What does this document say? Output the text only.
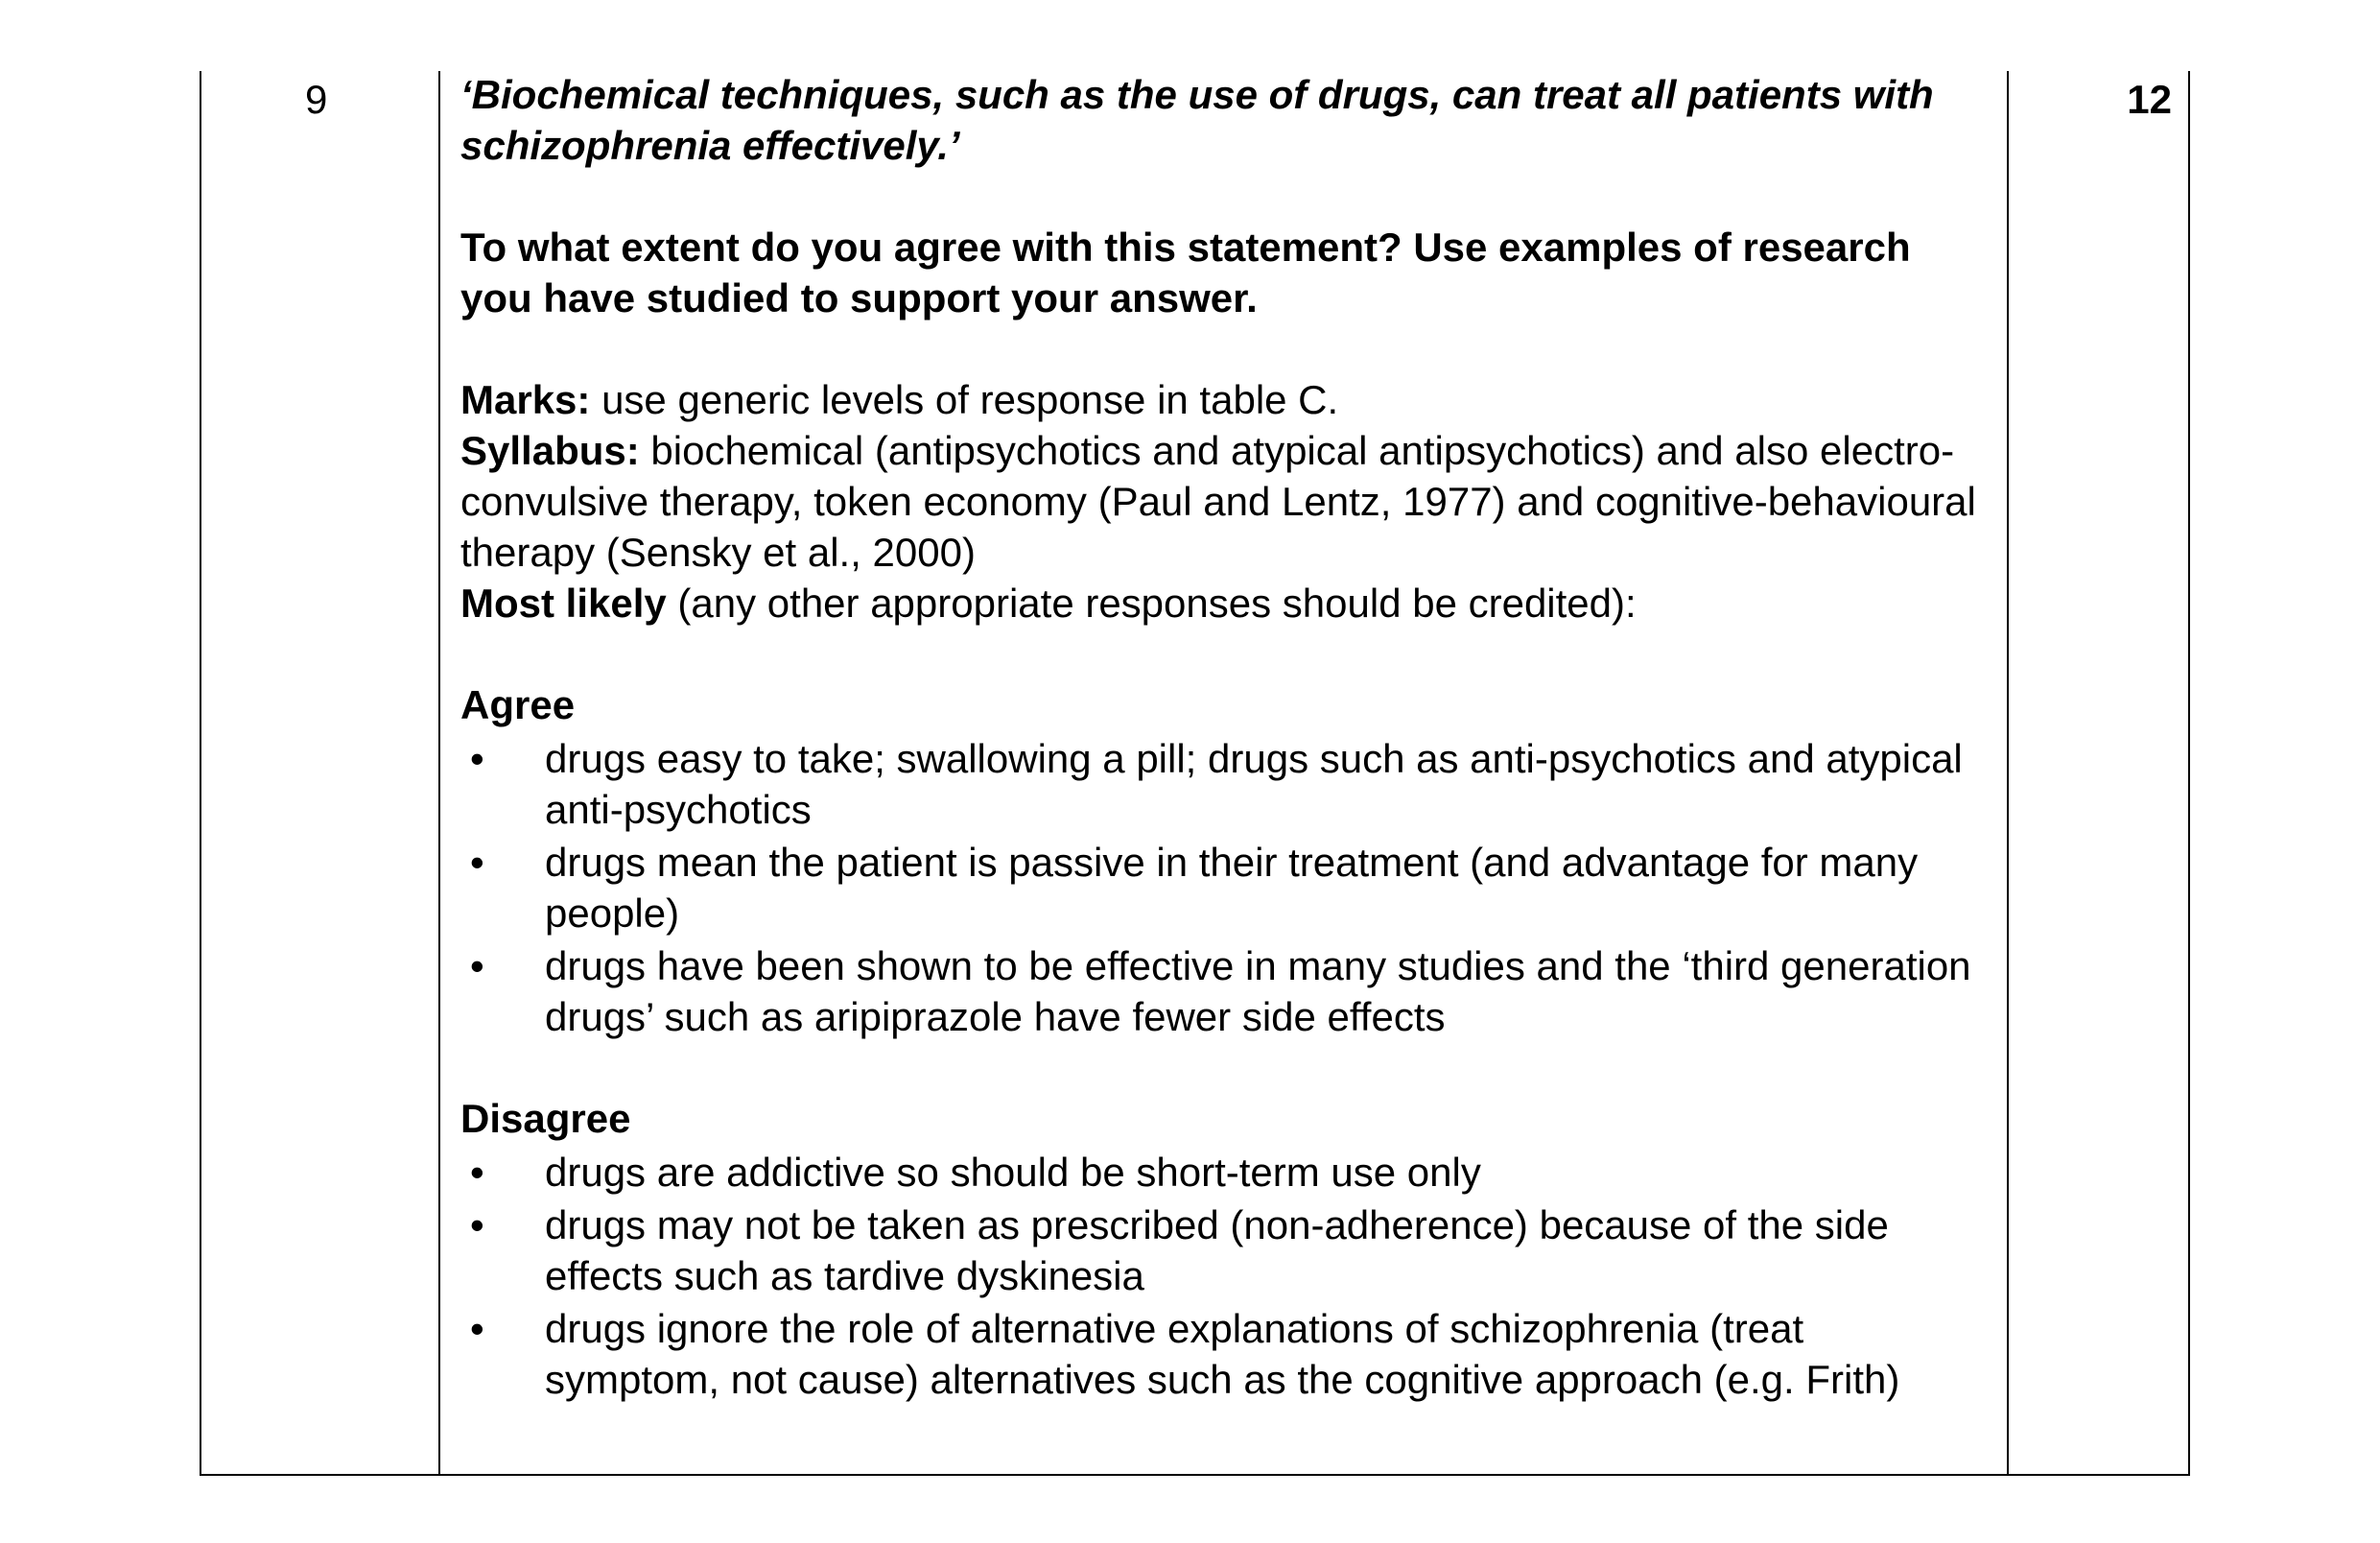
9	12

‘Biochemical techniques, such as the use of drugs, can treat all patients with schizophrenia effectively.’

To what extent do you agree with this statement? Use examples of research you have studied to support your answer.

Marks: use generic levels of response in table C.

Syllabus: biochemical (antipsychotics and atypical antipsychotics) and also electro-convulsive therapy, token economy (Paul and Lentz, 1977) and cognitive-behavioural therapy (Sensky et al., 2000)

Most likely (any other appropriate responses should be credited):

Agree

•	drugs easy to take; swallowing a pill; drugs such as anti-psychotics and atypical anti-psychotics
•	drugs mean the patient is passive in their treatment (and advantage for many people)
•	drugs have been shown to be effective in many studies and the ‘third generation drugs’ such as aripiprazole have fewer side effects

Disagree

•	drugs are addictive so should be short-term use only
•	drugs may not be taken as prescribed (non-adherence) because of the side effects such as tardive dyskinesia
•	drugs ignore the role of alternative explanations of schizophrenia (treat symptom, not cause) alternatives such as the cognitive approach (e.g. Frith)
